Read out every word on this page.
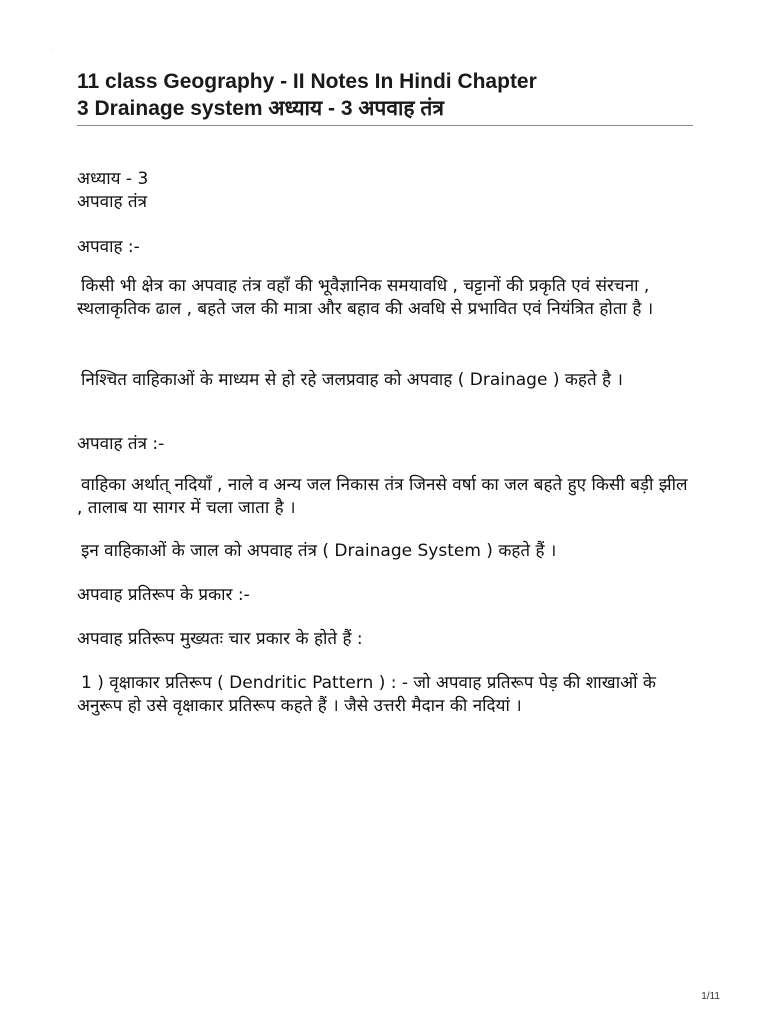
·
11 class Geography - II Notes In Hindi Chapter
3 Drainage system अध्याय - 3 अपवाह तंत्र

अध्याय - 3

अपवाह तंत्र

अपवाह :-

किसी भी क्षेत्र का अपवाह तंत्र वहाँ की भूवैज्ञानिक समयावधि , चट्टानों की प्रकृति एवं संरचना , स्थलाकृतिक ढाल , बहते जल की मात्रा और बहाव की अवधि से प्रभावित एवं नियंत्रित होता है ।

निश्चित वाहिकाओं के माध्यम से हो रहे जलप्रवाह को अपवाह ( Drainage ) कहते है ।

अपवाह तंत्र :-

वाहिका अर्थात् नदियाँ , नाले व अन्य जल निकास तंत्र जिनसे वर्षा का जल बहते हुए किसी बड़ी झील , तालाब या सागर में चला जाता है ।

इन वाहिकाओं के जाल को अपवाह तंत्र ( Drainage System ) कहते हैं ।

अपवाह प्रतिरूप के प्रकार :-

अपवाह प्रतिरूप मुख्यतः चार प्रकार के होते हैं :

1 ) वृक्षाकार प्रतिरूप ( Dendritic Pattern ) : - जो अपवाह प्रतिरूप पेड़ की शाखाओं के अनुरूप हो उसे वृक्षाकार प्रतिरूप कहते हैं । जैसे उत्तरी मैदान की नदियां ।

1/11
